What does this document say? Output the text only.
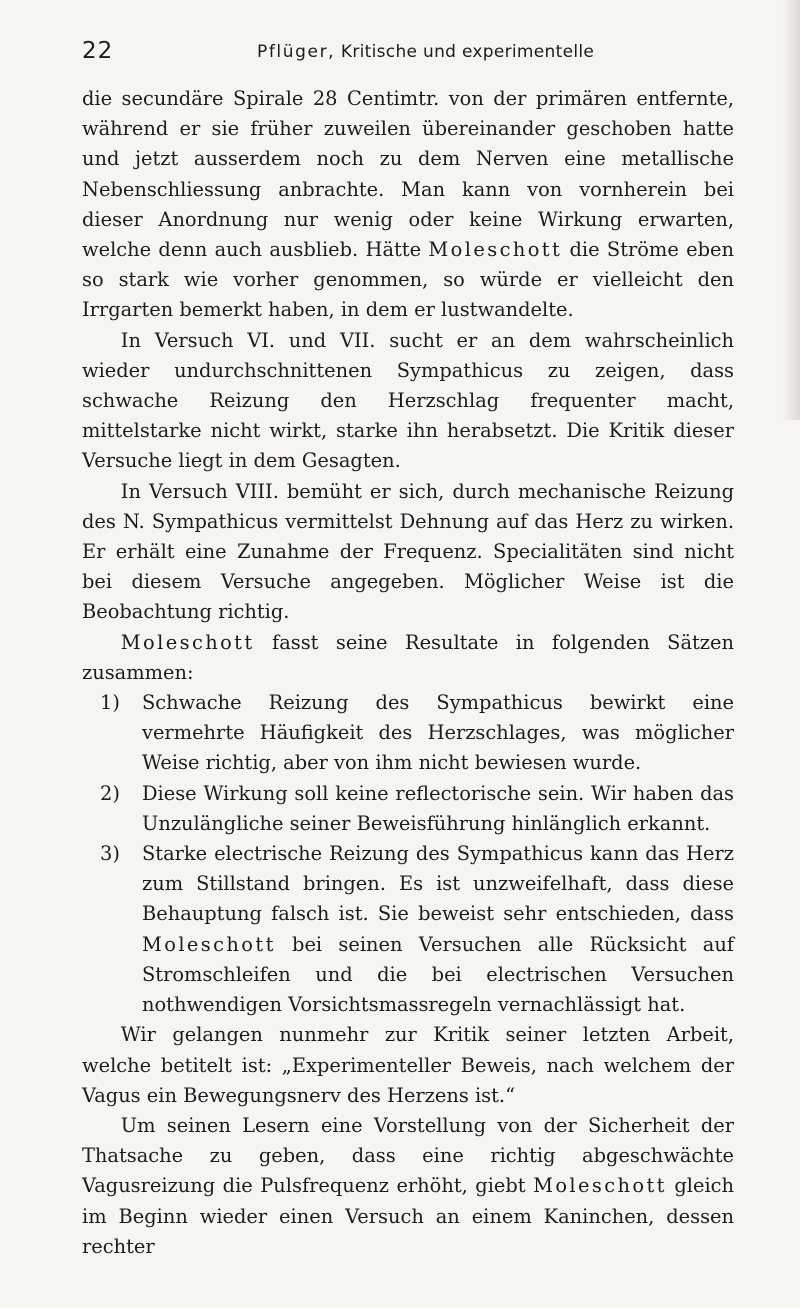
22	Pflüger, Kritische und experimentelle

die secundäre Spirale 28 Centimtr. von der primären entfernte, während er sie früher zuweilen übereinander geschoben hatte und jetzt ausserdem noch zu dem Nerven eine metallische Nebenschliessung anbrachte. Man kann von vornherein bei dieser Anordnung nur wenig oder keine Wirkung erwarten, welche denn auch ausblieb. Hätte Moleschott die Ströme eben so stark wie vorher genommen, so würde er vielleicht den Irrgarten bemerkt haben, in dem er lustwandelte.

In Versuch VI. und VII. sucht er an dem wahrscheinlich wieder undurchschnittenen Sympathicus zu zeigen, dass schwache Reizung den Herzschlag frequenter macht, mittelstarke nicht wirkt, starke ihn herabsetzt. Die Kritik dieser Versuche liegt in dem Gesagten.

In Versuch VIII. bemüht er sich, durch mechanische Reizung des N. Sympathicus vermittelst Dehnung auf das Herz zu wirken. Er erhält eine Zunahme der Frequenz. Specialitäten sind nicht bei diesem Versuche angegeben. Möglicher Weise ist die Beobachtung richtig.

Moleschott fasst seine Resultate in folgenden Sätzen zusammen:

1) Schwache Reizung des Sympathicus bewirkt eine vermehrte Häufigkeit des Herzschlages, was möglicher Weise richtig, aber von ihm nicht bewiesen wurde.
2) Diese Wirkung soll keine reflectorische sein. Wir haben das Unzulängliche seiner Beweisführung hinlänglich erkannt.
3) Starke electrische Reizung des Sympathicus kann das Herz zum Stillstand bringen. Es ist unzweifelhaft, dass diese Behauptung falsch ist. Sie beweist sehr entschieden, dass Moleschott bei seinen Versuchen alle Rücksicht auf Stromschleifen und die bei electrischen Versuchen nothwendigen Vorsichtsmassregeln vernachlässigt hat.

Wir gelangen nunmehr zur Kritik seiner letzten Arbeit, welche betitelt ist: „Experimenteller Beweis, nach welchem der Vagus ein Bewegungsnerv des Herzens ist.“

Um seinen Lesern eine Vorstellung von der Sicherheit der Thatsache zu geben, dass eine richtig abgeschwächte Vagusreizung die Pulsfrequenz erhöht, giebt Moleschott gleich im Beginn wieder einen Versuch an einem Kaninchen, dessen rechter
